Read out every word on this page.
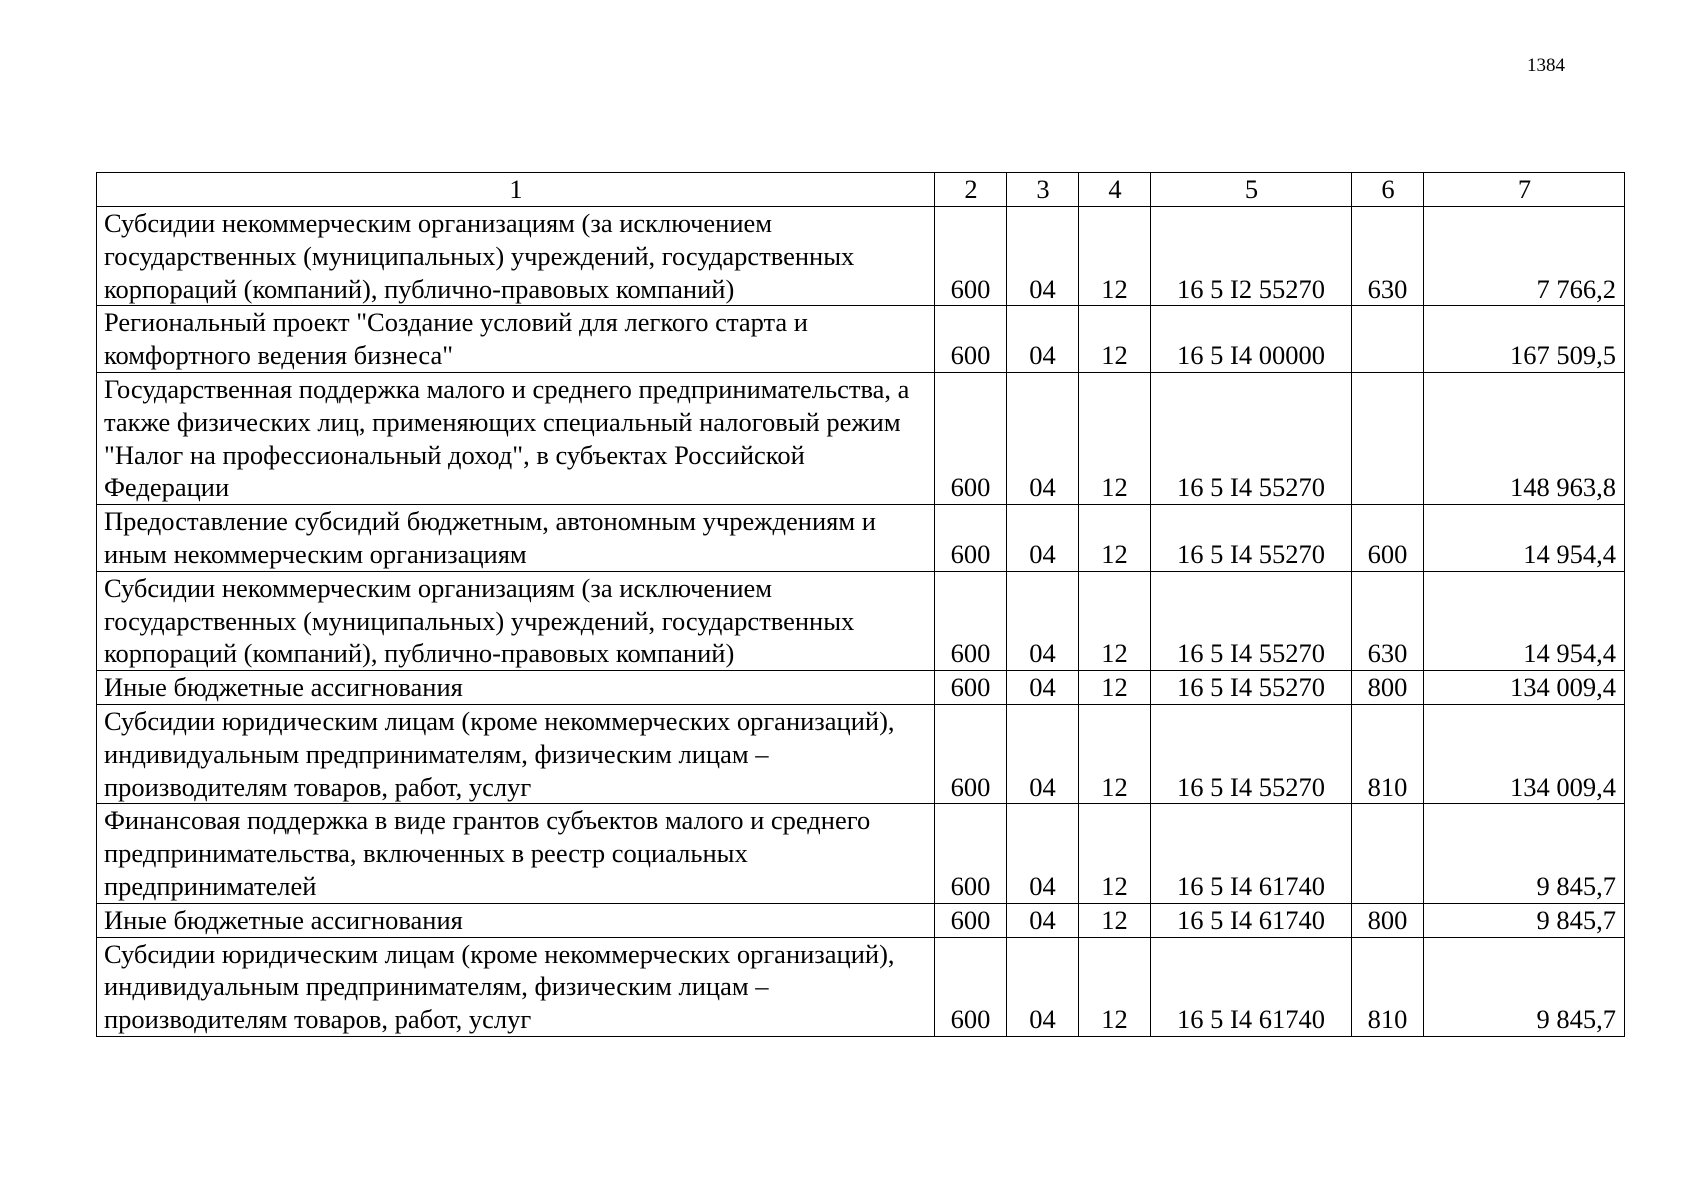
1384
1	2	3	4	5	6	7
Субсидии некоммерческим организациям (за исключением государственных (муниципальных) учреждений, государственных корпораций (компаний), публично-правовых компаний)	600	04	12	16 5 I2 55270	630	7 766,2
Региональный проект "Создание условий для легкого старта и комфортного ведения бизнеса"	600	04	12	16 5 I4 00000		167 509,5
Государственная поддержка малого и среднего предпринимательства, а также физических лиц, применяющих специальный налоговый режим "Налог на профессиональный доход", в субъектах Российской Федерации	600	04	12	16 5 I4 55270		148 963,8
Предоставление субсидий бюджетным, автономным учреждениям и иным некоммерческим организациям	600	04	12	16 5 I4 55270	600	14 954,4
Субсидии некоммерческим организациям (за исключением государственных (муниципальных) учреждений, государственных корпораций (компаний), публично-правовых компаний)	600	04	12	16 5 I4 55270	630	14 954,4
Иные бюджетные ассигнования	600	04	12	16 5 I4 55270	800	134 009,4
Субсидии юридическим лицам (кроме некоммерческих организаций), индивидуальным предпринимателям, физическим лицам – производителям товаров, работ, услуг	600	04	12	16 5 I4 55270	810	134 009,4
Финансовая поддержка в виде грантов субъектов малого и среднего предпринимательства, включенных в реестр социальных предпринимателей	600	04	12	16 5 I4 61740		9 845,7
Иные бюджетные ассигнования	600	04	12	16 5 I4 61740	800	9 845,7
Субсидии юридическим лицам (кроме некоммерческих организаций), индивидуальным предпринимателям, физическим лицам – производителям товаров, работ, услуг	600	04	12	16 5 I4 61740	810	9 845,7
